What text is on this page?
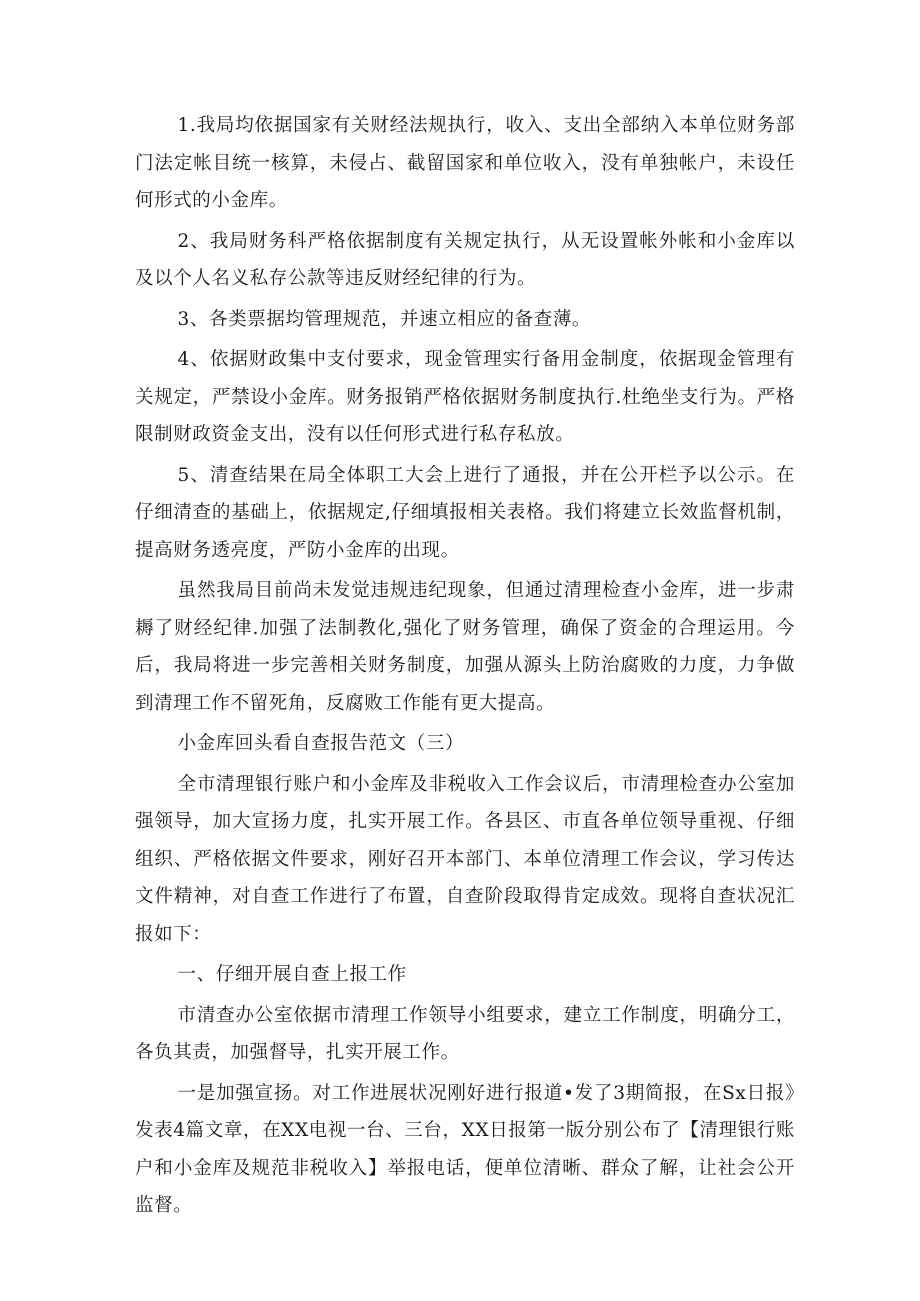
1.我局均依据国家有关财经法规执行，收入、支出全部纳入本单位财务部门法定帐目统一核算，未侵占、截留国家和单位收入，没有单独帐户，未设任何形式的小金库。

2、我局财务科严格依据制度有关规定执行，从无设置帐外帐和小金库以及以个人名义私存公款等违反财经纪律的行为。

3、各类票据均管理规范，并速立相应的备查薄。

4、依据财政集中支付要求，现金管理实行备用金制度，依据现金管理有关规定，严禁设小金库。财务报销严格依据财务制度执行.杜绝坐支行为。严格限制财政资金支出，没有以任何形式进行私存私放。

5、清查结果在局全体职工大会上进行了通报，并在公开栏予以公示。在仔细清查的基础上，依据规定,仔细填报相关表格。我们将建立长效监督机制，提高财务透亮度，严防小金库的出现。

虽然我局目前尚未发觉违规违纪现象，但通过清理检查小金库，进一步肃耨了财经纪律.加强了法制教化,强化了财务管理，确保了资金的合理运用。今后，我局将进一步完善相关财务制度，加强从源头上防治腐败的力度，力争做到清理工作不留死角，反腐败工作能有更大提高。

小金库回头看自查报告范文（三）

全市清理银行账户和小金库及非税收入工作会议后，市清理检查办公室加强领导，加大宣扬力度，扎实开展工作。各县区、市直各单位领导重视、仔细组织、严格依据文件要求，刚好召开本部门、本单位清理工作会议，学习传达文件精神，对自查工作进行了布置，自查阶段取得肯定成效。现将自查状况汇报如下：

一、仔细开展自查上报工作

市清查办公室依据市清理工作领导小组要求，建立工作制度，明确分工，各负其责，加强督导，扎实开展工作。

一是加强宣扬。对工作进展状况刚好进行报道•发了3期简报，在Sx日报》发表4篇文章，在XX电视一台、三台，XX日报第一版分别公布了【清理银行账户和小金库及规范非税收入】举报电话，便单位清晰、群众了解，让社会公开监督。
